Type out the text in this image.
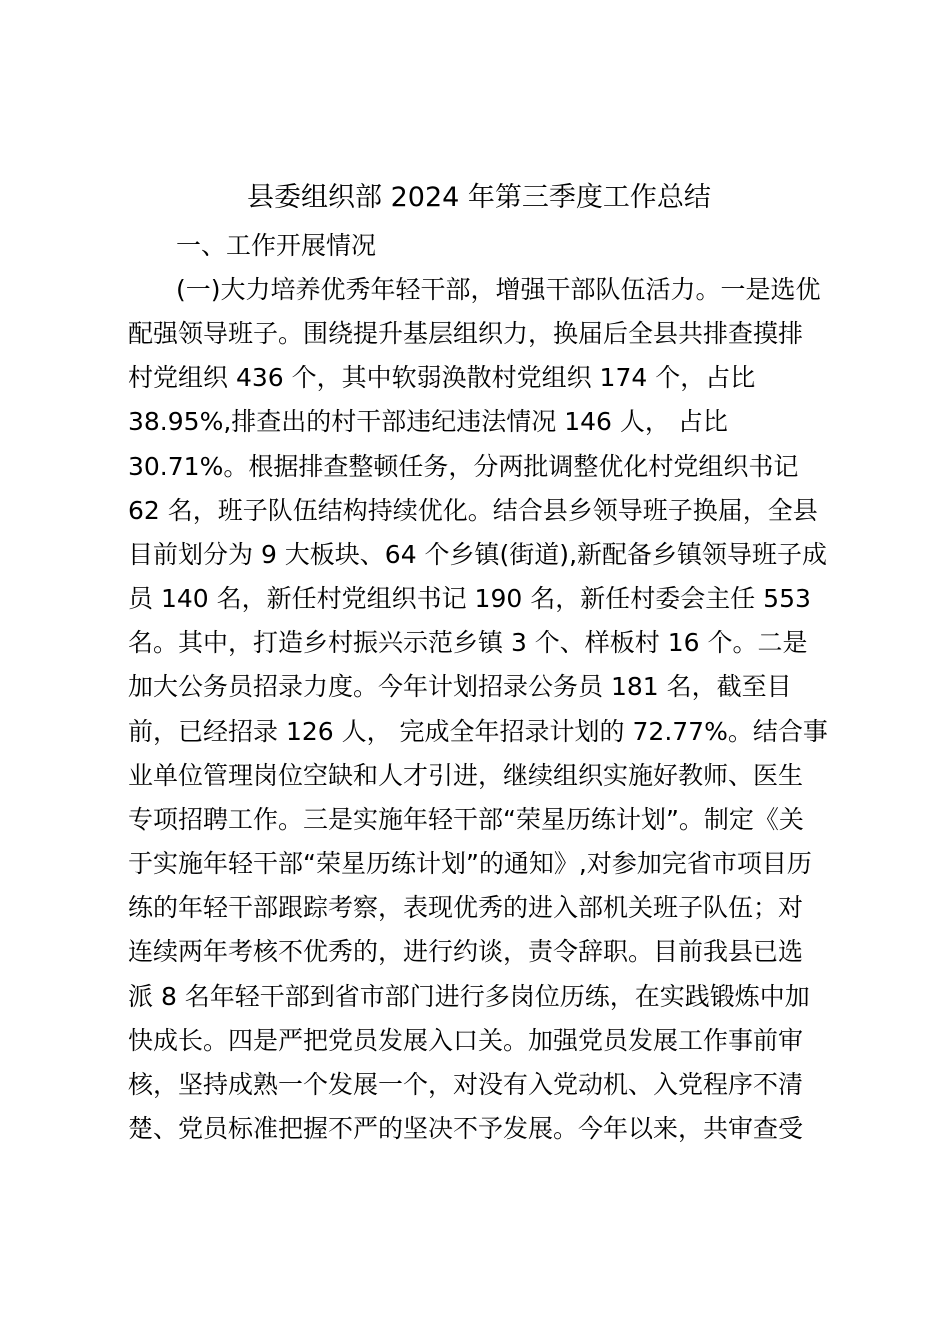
县委组织部 2024 年第三季度工作总结
一、工作开展情况
(一)大力培养优秀年轻干部，增强干部队伍活力。一是选优
配强领导班子。围绕提升基层组织力，换届后全县共排查摸排
村党组织 436 个，其中软弱涣散村党组织 174 个，占比
38.95%,排查出的村干部违纪违法情况 146 人， 占比
30.71%。根据排查整顿任务，分两批调整优化村党组织书记
62 名，班子队伍结构持续优化。结合县乡领导班子换届，全县
目前划分为 9 大板块、64 个乡镇(街道),新配备乡镇领导班子成
员 140 名，新任村党组织书记 190 名，新任村委会主任 553
名。其中，打造乡村振兴示范乡镇 3 个、样板村 16 个。二是
加大公务员招录力度。今年计划招录公务员 181 名，截至目
前，已经招录 126 人， 完成全年招录计划的 72.77%。结合事
业单位管理岗位空缺和人才引进，继续组织实施好教师、医生
专项招聘工作。三是实施年轻干部“荣星历练计划”。制定《关
于实施年轻干部“荣星历练计划”的通知》,对参加完省市项目历
练的年轻干部跟踪考察，表现优秀的进入部机关班子队伍；对
连续两年考核不优秀的，进行约谈，责令辞职。目前我县已选
派 8 名年轻干部到省市部门进行多岗位历练，在实践锻炼中加
快成长。四是严把党员发展入口关。加强党员发展工作事前审
核，坚持成熟一个发展一个，对没有入党动机、入党程序不清
楚、党员标准把握不严的坚决不予发展。今年以来，共审查受
